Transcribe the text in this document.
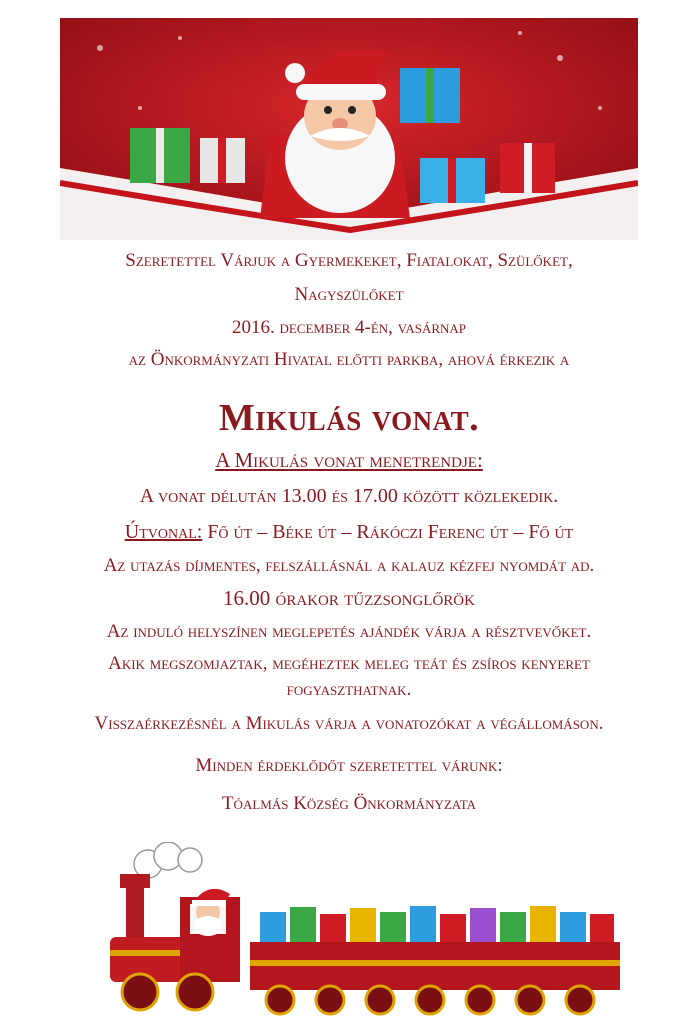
Szeretettel Várjuk a Gyermekeket, Fiatalokat, Szülőket,
Nagyszülőket
2016. december 4-én, vasárnap
az Önkormányzati Hivatal előtti parkba, ahová érkezik a
Mikulás vonat.
A Mikulás vonat menetrendje:
A vonat délután 13.00 és 17.00 között közlekedik.
Útvonal: Fő út – Béke út – Rákóczi Ferenc út – Fő út
Az utazás díjmentes, felszállásnál a kalauz kézfej nyomdát ad.
16.00 órakor tűzzsonglőrök
Az induló helyszínen meglepetés ajándék várja a résztvevőket.
Akik megszomjaztak, megéheztek meleg teát és zsíros kenyeret
fogyaszthatnak.
Visszaérkezésnél a Mikulás várja a vonatozókat a végállomáson.
Minden érdeklődőt szeretettel várunk:
Tóalmás Község Önkormányzata
